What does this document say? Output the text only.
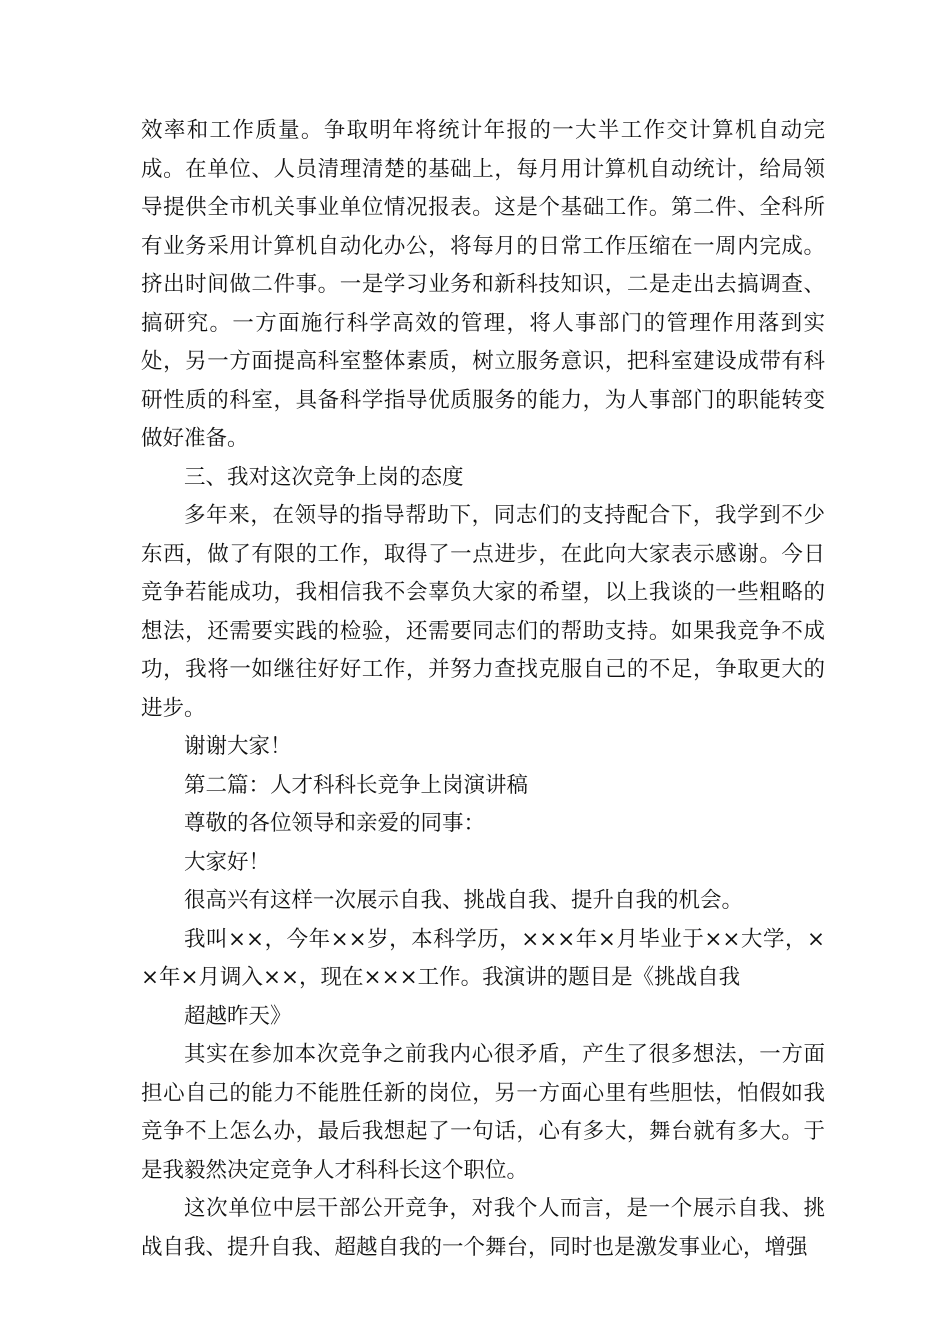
效率和工作质量。争取明年将统计年报的一大半工作交计算机自动完成。在单位、人员清理清楚的基础上，每月用计算机自动统计，给局领导提供全市机关事业单位情况报表。这是个基础工作。第二件、全科所有业务采用计算机自动化办公，将每月的日常工作压缩在一周内完成。挤出时间做二件事。一是学习业务和新科技知识，二是走出去搞调查、搞研究。一方面施行科学高效的管理，将人事部门的管理作用落到实处，另一方面提高科室整体素质，树立服务意识，把科室建设成带有科研性质的科室，具备科学指导优质服务的能力，为人事部门的职能转变做好准备。

三、我对这次竞争上岗的态度

多年来，在领导的指导帮助下，同志们的支持配合下，我学到不少东西，做了有限的工作，取得了一点进步，在此向大家表示感谢。今日竞争若能成功，我相信我不会辜负大家的希望，以上我谈的一些粗略的想法，还需要实践的检验，还需要同志们的帮助支持。如果我竞争不成功，我将一如继往好好工作，并努力查找克服自己的不足，争取更大的进步。

谢谢大家！

第二篇：人才科科长竞争上岗演讲稿

尊敬的各位领导和亲爱的同事：

大家好！

很高兴有这样一次展示自我、挑战自我、提升自我的机会。

我叫××，今年××岁，本科学历，×××年×月毕业于××大学，××年×月调入××，现在×××工作。我演讲的题目是《挑战自我

超越昨天》

其实在参加本次竞争之前我内心很矛盾，产生了很多想法，一方面担心自己的能力不能胜任新的岗位，另一方面心里有些胆怯，怕假如我竞争不上怎么办，最后我想起了一句话，心有多大，舞台就有多大。于是我毅然决定竞争人才科科长这个职位。

这次单位中层干部公开竞争，对我个人而言，是一个展示自我、挑战自我、提升自我、超越自我的一个舞台，同时也是激发事业心，增强
